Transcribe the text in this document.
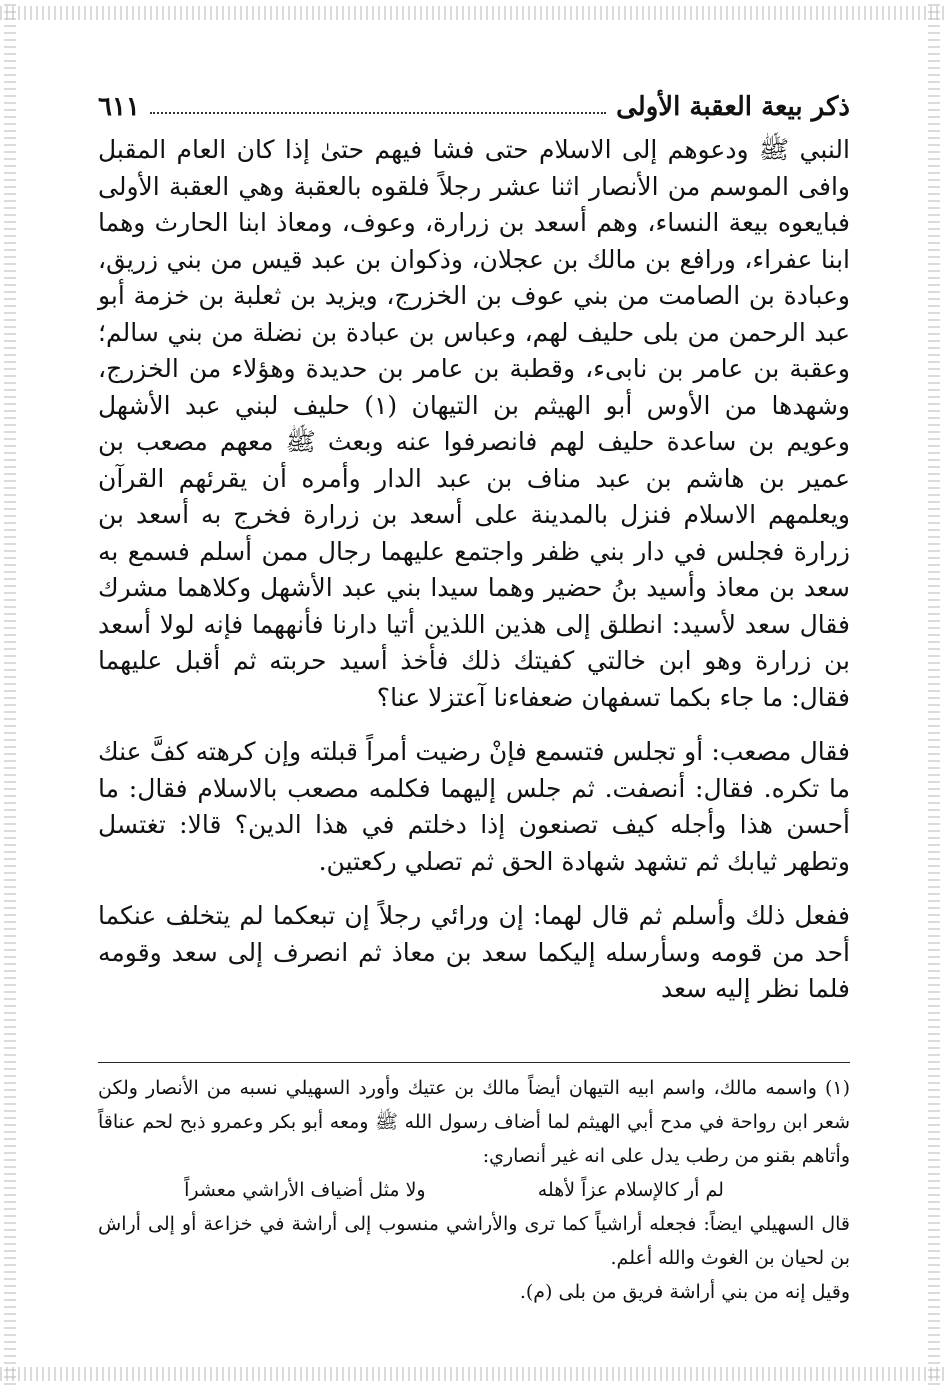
ذكر بيعة العقبة الأولى
٦١١

النبي ﷺ ودعوهم إلى الاسلام حتى فشا فيهم حتىٰ إذا كان العام المقبل وافى الموسم من الأنصار اثنا عشر رجلاً فلقوه بالعقبة وهي العقبة الأولى فبايعوه بيعة النساء، وهم أسعد بن زرارة، وعوف، ومعاذ ابنا الحارث وهما ابنا عفراء، ورافع بن مالك بن عجلان، وذكوان بن عبد قيس من بني زريق، وعبادة بن الصامت من بني عوف بن الخزرج، ويزيد بن ثعلبة بن خزمة أبو عبد الرحمن من بلى حليف لهم، وعباس بن عبادة بن نضلة من بني سالم؛ وعقبة بن عامر بن نابىء، وقطبة بن عامر بن حديدة وهؤلاء من الخزرج، وشهدها من الأوس أبو الهيثم بن التيهان (١) حليف لبني عبد الأشهل وعويم بن ساعدة حليف لهم فانصرفوا عنه وبعث ﷺ معهم مصعب بن عمير بن هاشم بن عبد مناف بن عبد الدار وأمره أن يقرئهم القرآن ويعلمهم الاسلام فنزل بالمدينة على أسعد بن زرارة فخرج به أسعد بن زرارة فجلس في دار بني ظفر واجتمع عليهما رجال ممن أسلم فسمع به سعد بن معاذ وأسيد بنُ حضير وهما سيدا بني عبد الأشهل وكلاهما مشرك فقال سعد لأسيد: انطلق إلى هذين اللذين أتيا دارنا فأنههما فإنه لولا أسعد بن زرارة وهو ابن خالتي كفيتك ذلك فأخذ أسيد حربته ثم أقبل عليهما فقال: ما جاء بكما تسفهان ضعفاءنا آعتزلا عنا؟

فقال مصعب: أو تجلس فتسمع فإنْ رضيت أمراً قبلته وإن كرهته كفَّ عنك ما تكره. فقال: أنصفت. ثم جلس إليهما فكلمه مصعب بالاسلام فقال: ما أحسن هذا وأجله كيف تصنعون إذا دخلتم في هذا الدين؟ قالا: تغتسل وتطهر ثيابك ثم تشهد شهادة الحق ثم تصلي ركعتين.

ففعل ذلك وأسلم ثم قال لهما: إن ورائي رجلاً إن تبعكما لم يتخلف عنكما أحد من قومه وسأرسله إليكما سعد بن معاذ ثم انصرف إلى سعد وقومه فلما نظر إليه سعد

(١) واسمه مالك، واسم ابيه التيهان أيضاً مالك بن عتيك وأورد السهيلي نسبه من الأنصار ولكن شعر ابن رواحة في مدح أبي الهيثم لما أضاف رسول الله ﷺ ومعه أبو بكر وعمرو ذبح لحم عناقاً وأتاهم بقنو من رطب يدل على انه غير أنصاري:

لم أر كالإسلام عزاً لأهله
ولا مثل أضياف الأراشي معشراً

قال السهيلي ايضاً: فجعله أراشياً كما ترى والأراشي منسوب إلى أراشة في خزاعة أو إلى أراش بن لحيان بن الغوث والله أعلم.

وقيل إنه من بني أراشة فريق من بلى (م).
